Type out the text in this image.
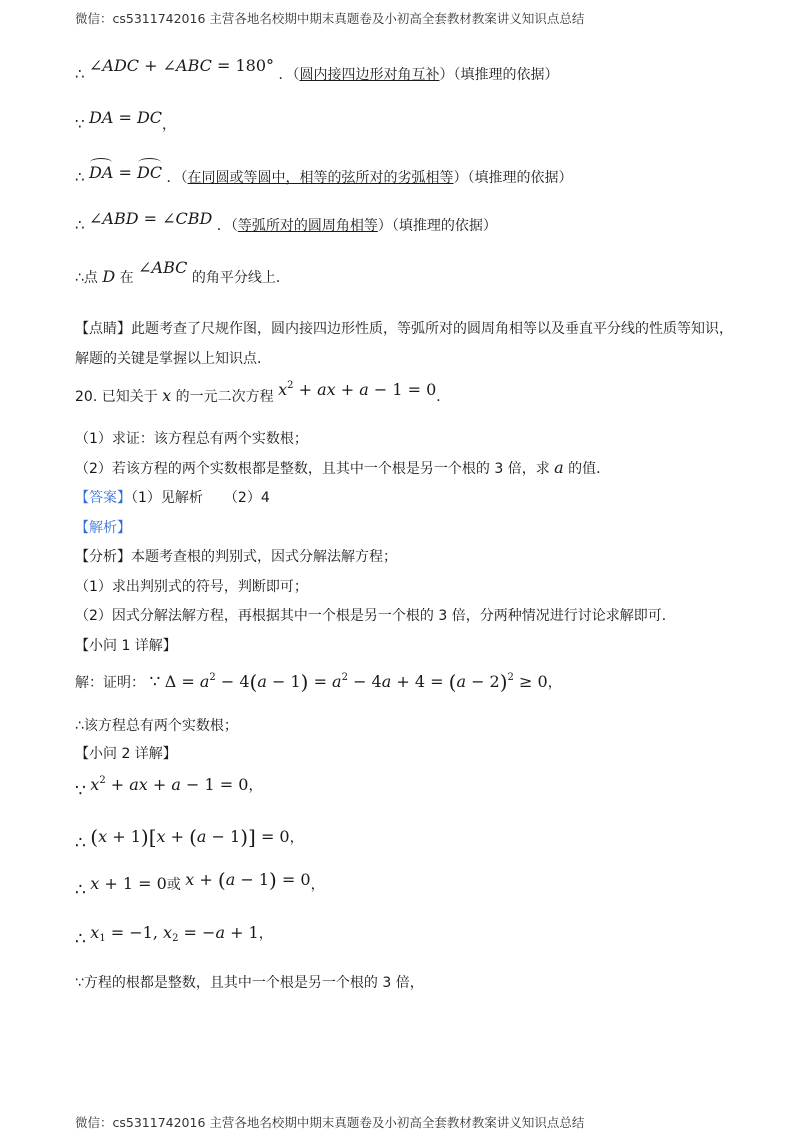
微信：cs5311742016 主营各地名校期中期末真题卷及小初高全套教材教案讲义知识点总结
∴ ∠ADC + ∠ABC = 180° ．（圆内接四边形对角互补）（填推理的依据）
∵ DA = DC，
∴ DA = DC ．（在同圆或等圆中，相等的弦所对的劣弧相等）（填推理的依据）
∴ ∠ABD = ∠CBD ．（等弧所对的圆周角相等）（填推理的依据）
∴点 D 在 ∠ABC 的角平分线上．
【点睛】此题考查了尺规作图，圆内接四边形性质，等弧所对的圆周角相等以及垂直平分线的性质等知识，
解题的关键是掌握以上知识点．
20. 已知关于 x 的一元二次方程 $x^2$ + ax + a − 1 = 0．
（1）求证：该方程总有两个实数根；
（2）若该方程的两个实数根都是整数，且其中一个根是另一个根的 3 倍，求 a 的值．
【答案】（1）见解析　　（2）4
【解析】
【分析】本题考查根的判别式，因式分解法解方程；
（1）求出判别式的符号，判断即可；
（2）因式分解法解方程，再根据其中一个根是另一个根的 3 倍，分两种情况进行讨论求解即可．
【小问 1 详解】
解：证明： ∵ $\Delta = a^2 - 4(a - 1) = a^2 - 4a + 4 = (a - 2)^2 \ge 0$，
∴该方程总有两个实数根；
【小问 2 详解】
∵ $x^2$ + ax + a − 1 = 0，
∴ (x + 1)[x + (a − 1)] = 0，
∴ x + 1 = 0或 x + (a − 1) = 0，
∴ $x_1 = -1$, $x_2 = -a + 1$，
∵方程的根都是整数，且其中一个根是另一个根的 3 倍，
微信：cs5311742016 主营各地名校期中期末真题卷及小初高全套教材教案讲义知识点总结
